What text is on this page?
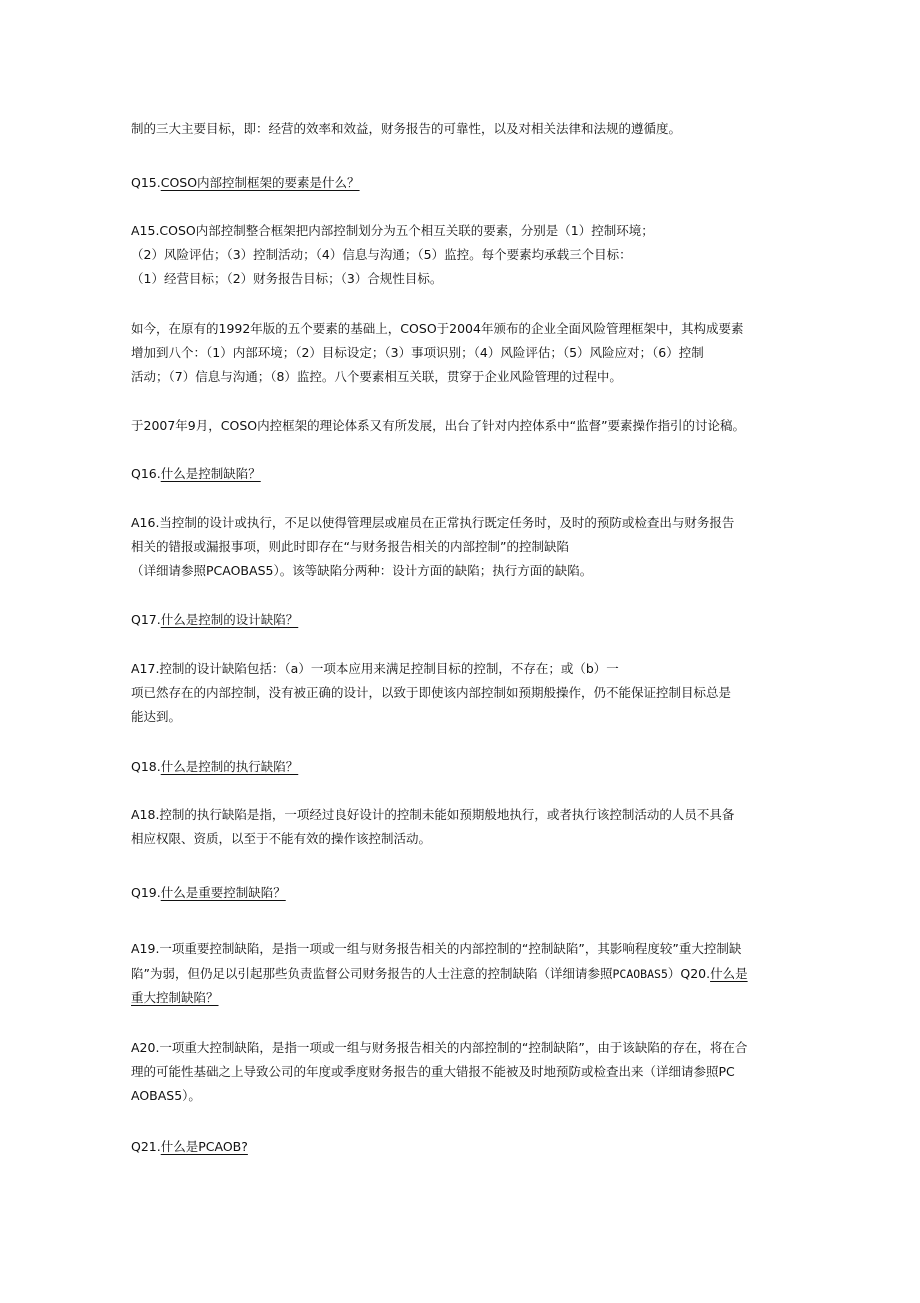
制的三大主要目标，即：经营的效率和效益，财务报告的可靠性，以及对相关法律和法规的遵循度。
Q15.COSO内部控制框架的要素是什么？
A15.COSO内部控制整合框架把内部控制划分为五个相互关联的要素，分别是（1）控制环境；
（2）风险评估；（3）控制活动；（4）信息与沟通；（5）监控。每个要素均承载三个目标：
（1）经营目标；（2）财务报告目标；（3）合规性目标。
如今，在原有的1992年版的五个要素的基础上，COSO于2004年颁布的企业全面风险管理框架中，其构成要素
增加到八个：（1）内部环境；（2）目标设定；（3）事项识别；（4）风险评估；（5）风险应对；（6）控制
活动；（7）信息与沟通；（8）监控。八个要素相互关联，贯穿于企业风险管理的过程中。
于2007年9月，COSO内控框架的理论体系又有所发展，出台了针对内控体系中“监督”要素操作指引的讨论稿。
Q16.什么是控制缺陷？
A16.当控制的设计或执行，不足以使得管理层或雇员在正常执行既定任务时，及时的预防或检查出与财务报告
相关的错报或漏报事项，则此时即存在“与财务报告相关的内部控制”的控制缺陷
（详细请参照PCAOBAS5）。该等缺陷分两种：设计方面的缺陷；执行方面的缺陷。
Q17.什么是控制的设计缺陷？
A17.控制的设计缺陷包括：（a）一项本应用来满足控制目标的控制，不存在；或（b）一
项已然存在的内部控制，没有被正确的设计，以致于即使该内部控制如预期般操作，仍不能保证控制目标总是
能达到。
Q18.什么是控制的执行缺陷？
A18.控制的执行缺陷是指，一项经过良好设计的控制未能如预期般地执行，或者执行该控制活动的人员不具备
相应权限、资质，以至于不能有效的操作该控制活动。
Q19.什么是重要控制缺陷？
A19.一项重要控制缺陷，是指一项或一组与财务报告相关的内部控制的“控制缺陷”，其影响程度较”重大控制缺
陷”为弱，但仍足以引起那些负责监督公司财务报告的人士注意的控制缺陷（详细请参照PCAOBAS5）Q20.什么是
重大控制缺陷？
A20.一项重大控制缺陷，是指一项或一组与财务报告相关的内部控制的“控制缺陷”，由于该缺陷的存在，将在合
理的可能性基础之上导致公司的年度或季度财务报告的重大错报不能被及时地预防或检查出来（详细请参照PC
AOBAS5）。
Q21.什么是PCAOB?
